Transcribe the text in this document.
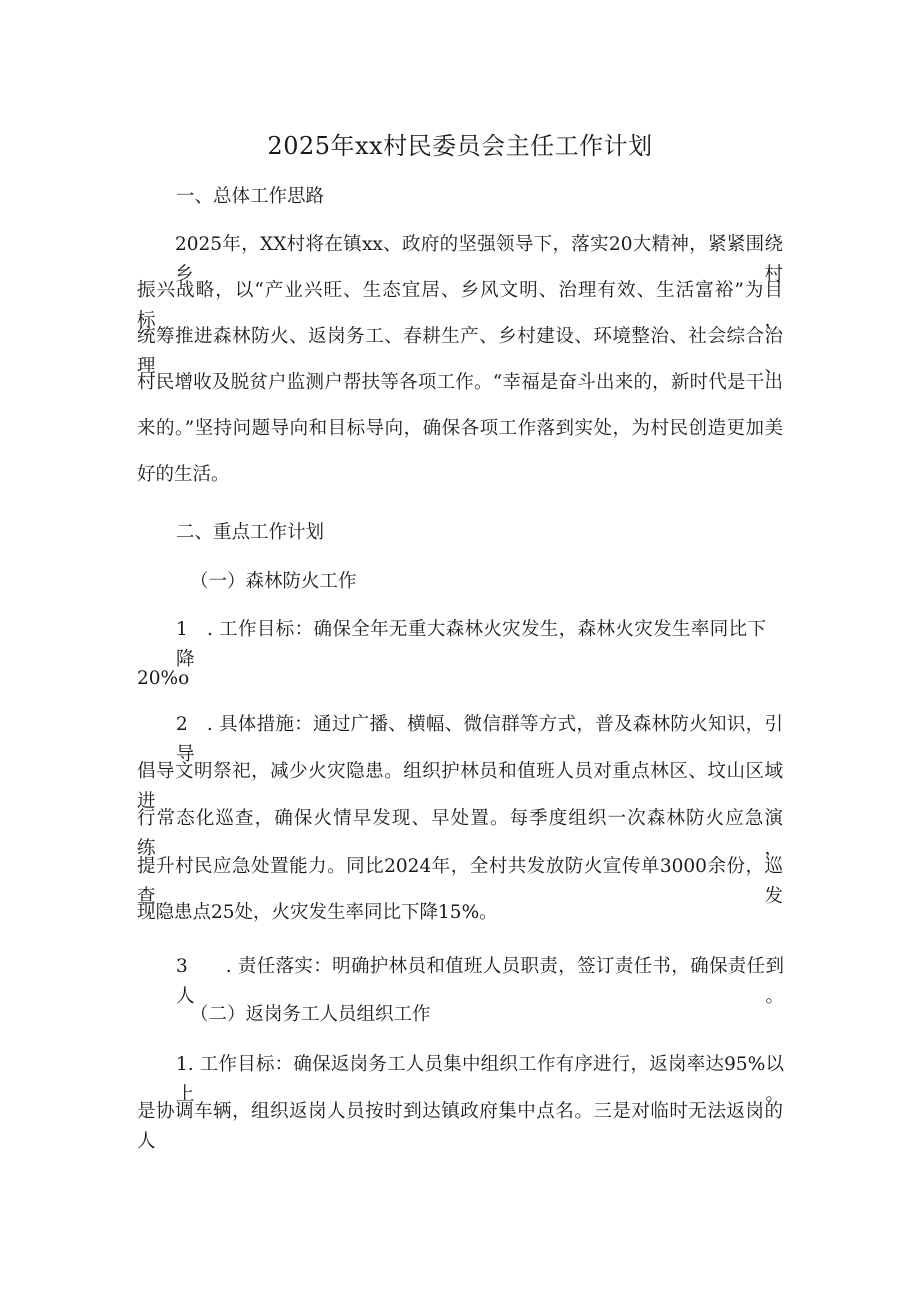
2025年xx村民委员会主任工作计划
一、总体工作思路
2025年，XX村将在镇xx、政府的坚强领导下，落实20大精神，紧紧围绕乡村
振兴战略，以“产业兴旺、生态宜居、乡风文明、治理有效、生活富裕”为目标，
统筹推进森林防火、返岗务工、春耕生产、乡村建设、环境整治、社会综合治理、
村民增收及脱贫户监测户帮扶等各项工作。“幸福是奋斗出来的，新时代是干出
来的。”坚持问题导向和目标导向，确保各项工作落到实处，为村民创造更加美
好的生活。
二、重点工作计划
（一）森林防火工作
1　. 工作目标：确保全年无重大森林火灾发生，森林火灾发生率同比下降
20%o
2　. 具体措施：通过广播、横幅、微信群等方式，普及森林防火知识，引导
倡导文明祭祀，减少火灾隐患。组织护林员和值班人员对重点林区、坟山区域进
行常态化巡查，确保火情早发现、早处置。每季度组织一次森林防火应急演练，
提升村民应急处置能力。同比2024年，全村共发放防火宣传单3000余份，巡查发
现隐患点25处，火灾发生率同比下降15%。
3　　. 责任落实：明确护林员和值班人员职责，签订责任书，确保责任到人。
（二）返岗务工人员组织工作
1. 工作目标：确保返岗务工人员集中组织工作有序进行，返岗率达95%以上。
是协调车辆，组织返岗人员按时到达镇政府集中点名。三是对临时无法返岗的人
